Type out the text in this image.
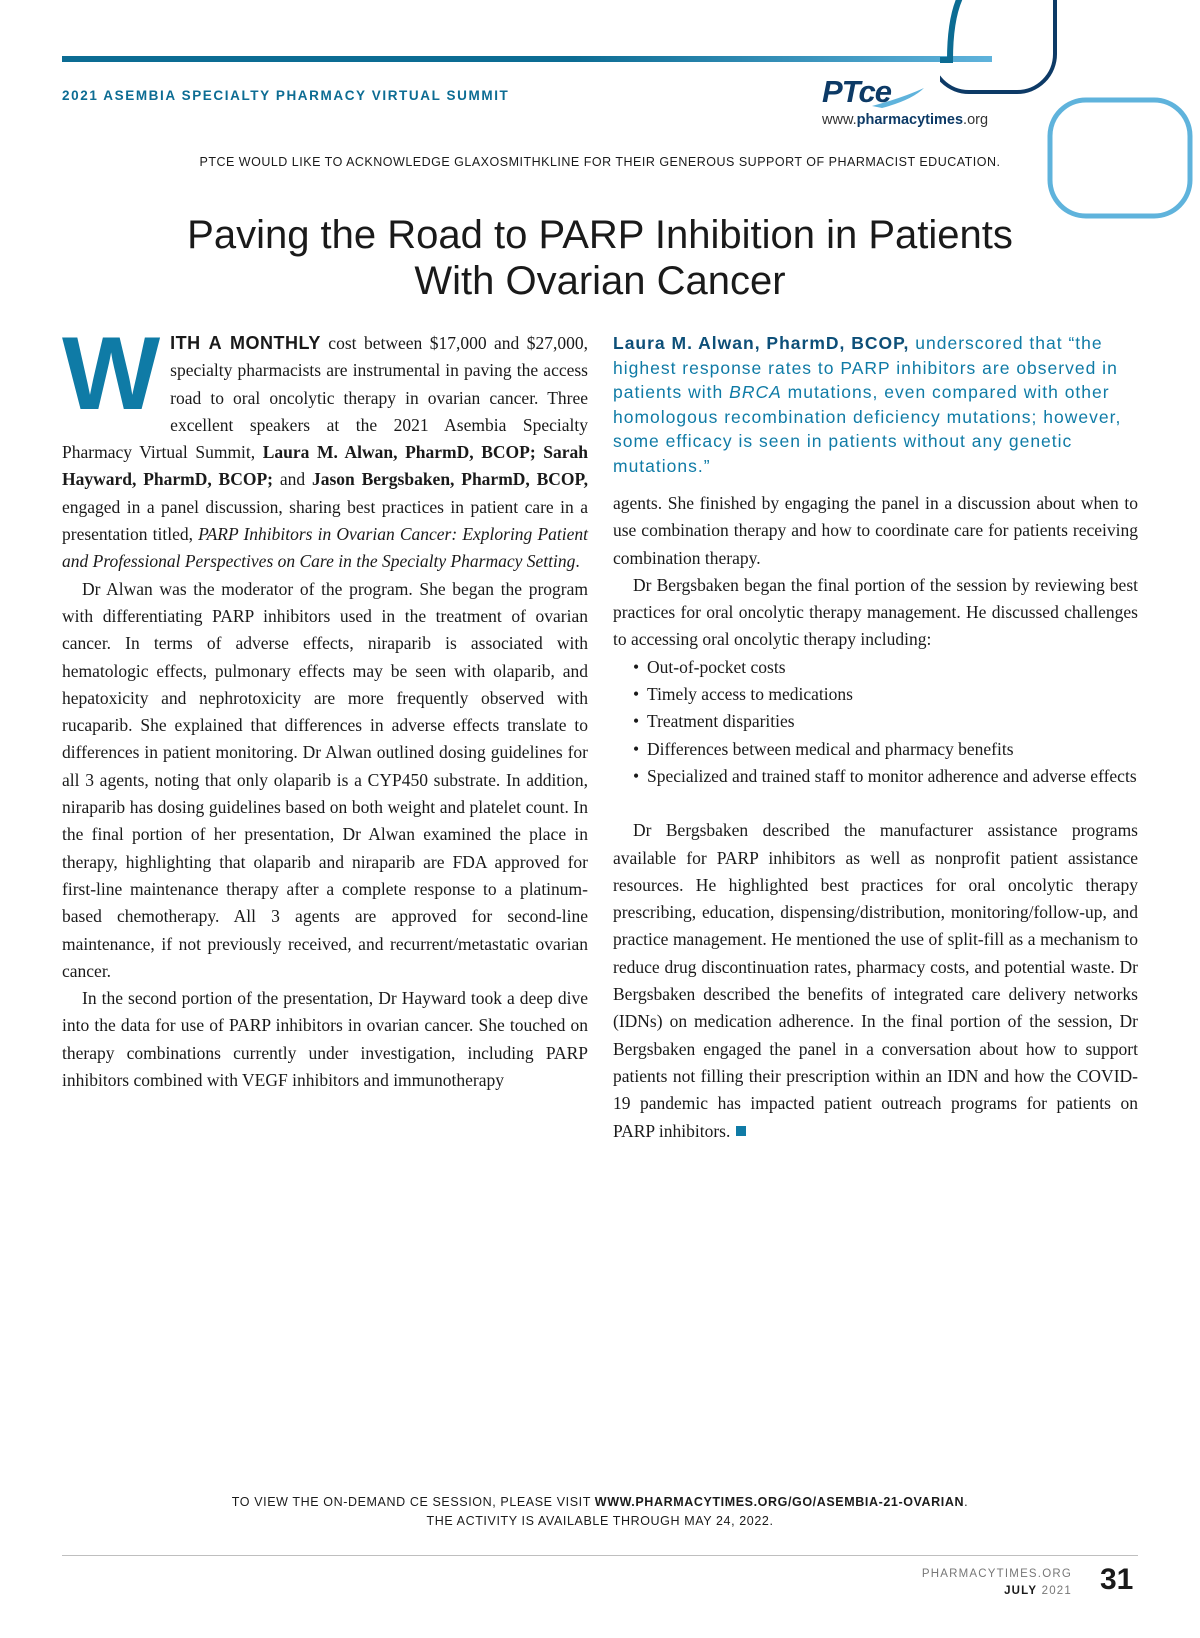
2021 ASEMBIA SPECIALTY PHARMACY VIRTUAL SUMMIT	PTce
www.pharmacytimes.org
PTCE WOULD LIKE TO ACKNOWLEDGE GLAXOSMITHKLINE FOR THEIR GENEROUS SUPPORT OF PHARMACIST EDUCATION.
Paving the Road to PARP Inhibition in Patients
With Ovarian Cancer

WITH A MONTHLY cost between $17,000 and $27,000, specialty pharmacists are instrumental in paving the access road to oral oncolytic therapy in ovarian cancer. Three excellent speakers at the 2021 Asembia Specialty Pharmacy Virtual Summit, Laura M. Alwan, PharmD, BCOP; Sarah Hayward, PharmD, BCOP; and Jason Bergsbaken, PharmD, BCOP, engaged in a panel discussion, sharing best practices in patient care in a presentation titled, PARP Inhibitors in Ovarian Cancer: Exploring Patient and Professional Perspectives on Care in the Specialty Pharmacy Setting.

Dr Alwan was the moderator of the program. She began the program with differentiating PARP inhibitors used in the treatment of ovarian cancer. In terms of adverse effects, niraparib is associated with hematologic effects, pulmonary effects may be seen with olaparib, and hepatoxicity and nephrotoxicity are more frequently observed with rucaparib. She explained that differences in adverse effects translate to differences in patient monitoring. Dr Alwan outlined dosing guidelines for all 3 agents, noting that only olaparib is a CYP450 substrate. In addition, niraparib has dosing guidelines based on both weight and platelet count. In the final portion of her presentation, Dr Alwan examined the place in therapy, highlighting that olaparib and niraparib are FDA approved for first-line maintenance therapy after a complete response to a platinum-based chemotherapy. All 3 agents are approved for second-line maintenance, if not previously received, and recurrent/metastatic ovarian cancer.

In the second portion of the presentation, Dr Hayward took a deep dive into the data for use of PARP inhibitors in ovarian cancer. She touched on therapy combinations currently under investigation, including PARP inhibitors combined with VEGF inhibitors and immunotherapy

Laura M. Alwan, PharmD, BCOP, underscored that “the highest response rates to PARP inhibitors are observed in patients with BRCA mutations, even compared with other homologous recombination deficiency mutations; however, some efficacy is seen in patients without any genetic mutations.”

agents. She finished by engaging the panel in a discussion about when to use combination therapy and how to coordinate care for patients receiving combination therapy.

Dr Bergsbaken began the final portion of the session by reviewing best practices for oral oncolytic therapy management. He discussed challenges to accessing oral oncolytic therapy including:

• Out-of-pocket costs
• Timely access to medications
• Treatment disparities
• Differences between medical and pharmacy benefits
• Specialized and trained staff to monitor adherence and adverse effects

Dr Bergsbaken described the manufacturer assistance programs available for PARP inhibitors as well as nonprofit patient assistance resources. He highlighted best practices for oral oncolytic therapy prescribing, education, dispensing/distribution, monitoring/follow-up, and practice management. He mentioned the use of split-fill as a mechanism to reduce drug discontinuation rates, pharmacy costs, and potential waste. Dr Bergsbaken described the benefits of integrated care delivery networks (IDNs) on medication adherence. In the final portion of the session, Dr Bergsbaken engaged the panel in a conversation about how to support patients not filling their prescription within an IDN and how the COVID-19 pandemic has impacted patient outreach programs for patients on PARP inhibitors.

TO VIEW THE ON-DEMAND CE SESSION, PLEASE VISIT WWW.PHARMACYTIMES.ORG/GO/ASEMBIA-21-OVARIAN.
THE ACTIVITY IS AVAILABLE THROUGH MAY 24, 2022.
PHARMACYTIMES.ORG
JULY 2021 31
